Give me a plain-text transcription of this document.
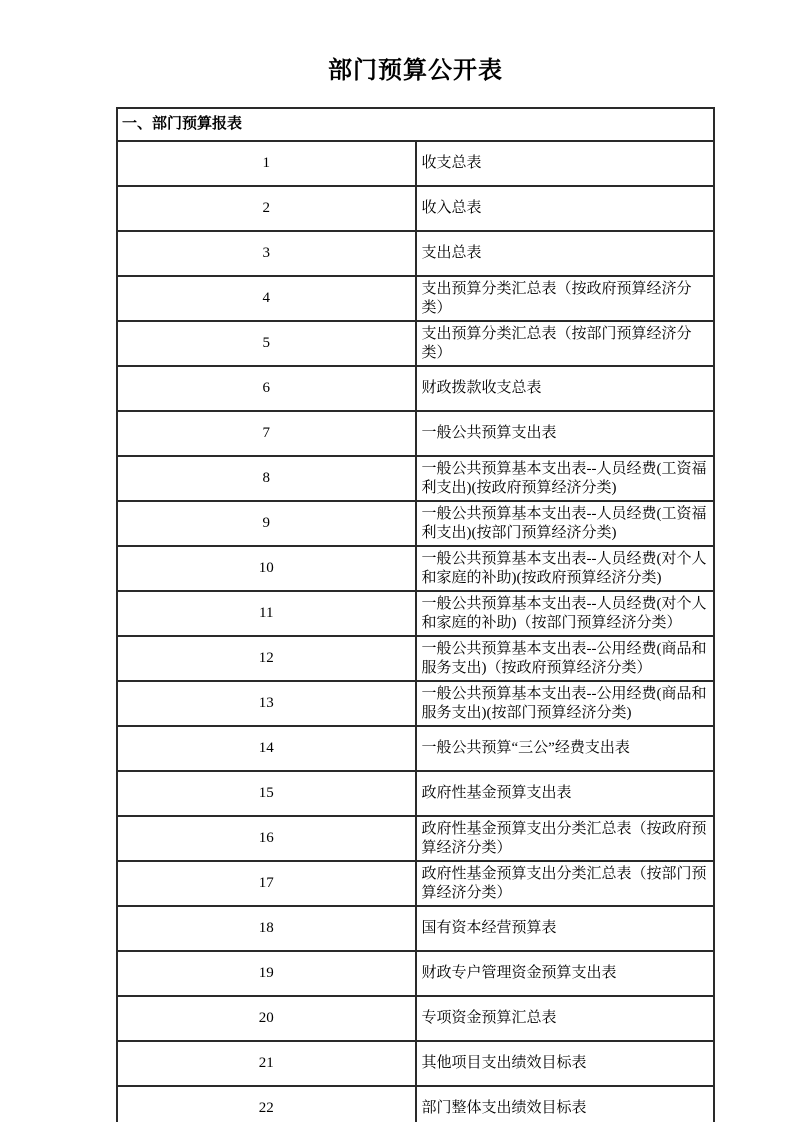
部门预算公开表
一、部门预算报表	
1	收支总表
2	收入总表
3	支出总表
4	支出预算分类汇总表（按政府预算经济分类）
5	支出预算分类汇总表（按部门预算经济分类）
6	财政拨款收支总表
7	一般公共预算支出表
8	一般公共预算基本支出表--人员经费(工资福利支出)(按政府预算经济分类)
9	一般公共预算基本支出表--人员经费(工资福利支出)(按部门预算经济分类)
10	一般公共预算基本支出表--人员经费(对个人和家庭的补助)(按政府预算经济分类)
11	一般公共预算基本支出表--人员经费(对个人和家庭的补助)（按部门预算经济分类）
12	一般公共预算基本支出表--公用经费(商品和服务支出)（按政府预算经济分类）
13	一般公共预算基本支出表--公用经费(商品和服务支出)(按部门预算经济分类)
14	一般公共预算“三公”经费支出表
15	政府性基金预算支出表
16	政府性基金预算支出分类汇总表（按政府预算经济分类）
17	政府性基金预算支出分类汇总表（按部门预算经济分类）
18	国有资本经营预算表
19	财政专户管理资金预算支出表
20	专项资金预算汇总表
21	其他项目支出绩效目标表
22	部门整体支出绩效目标表
